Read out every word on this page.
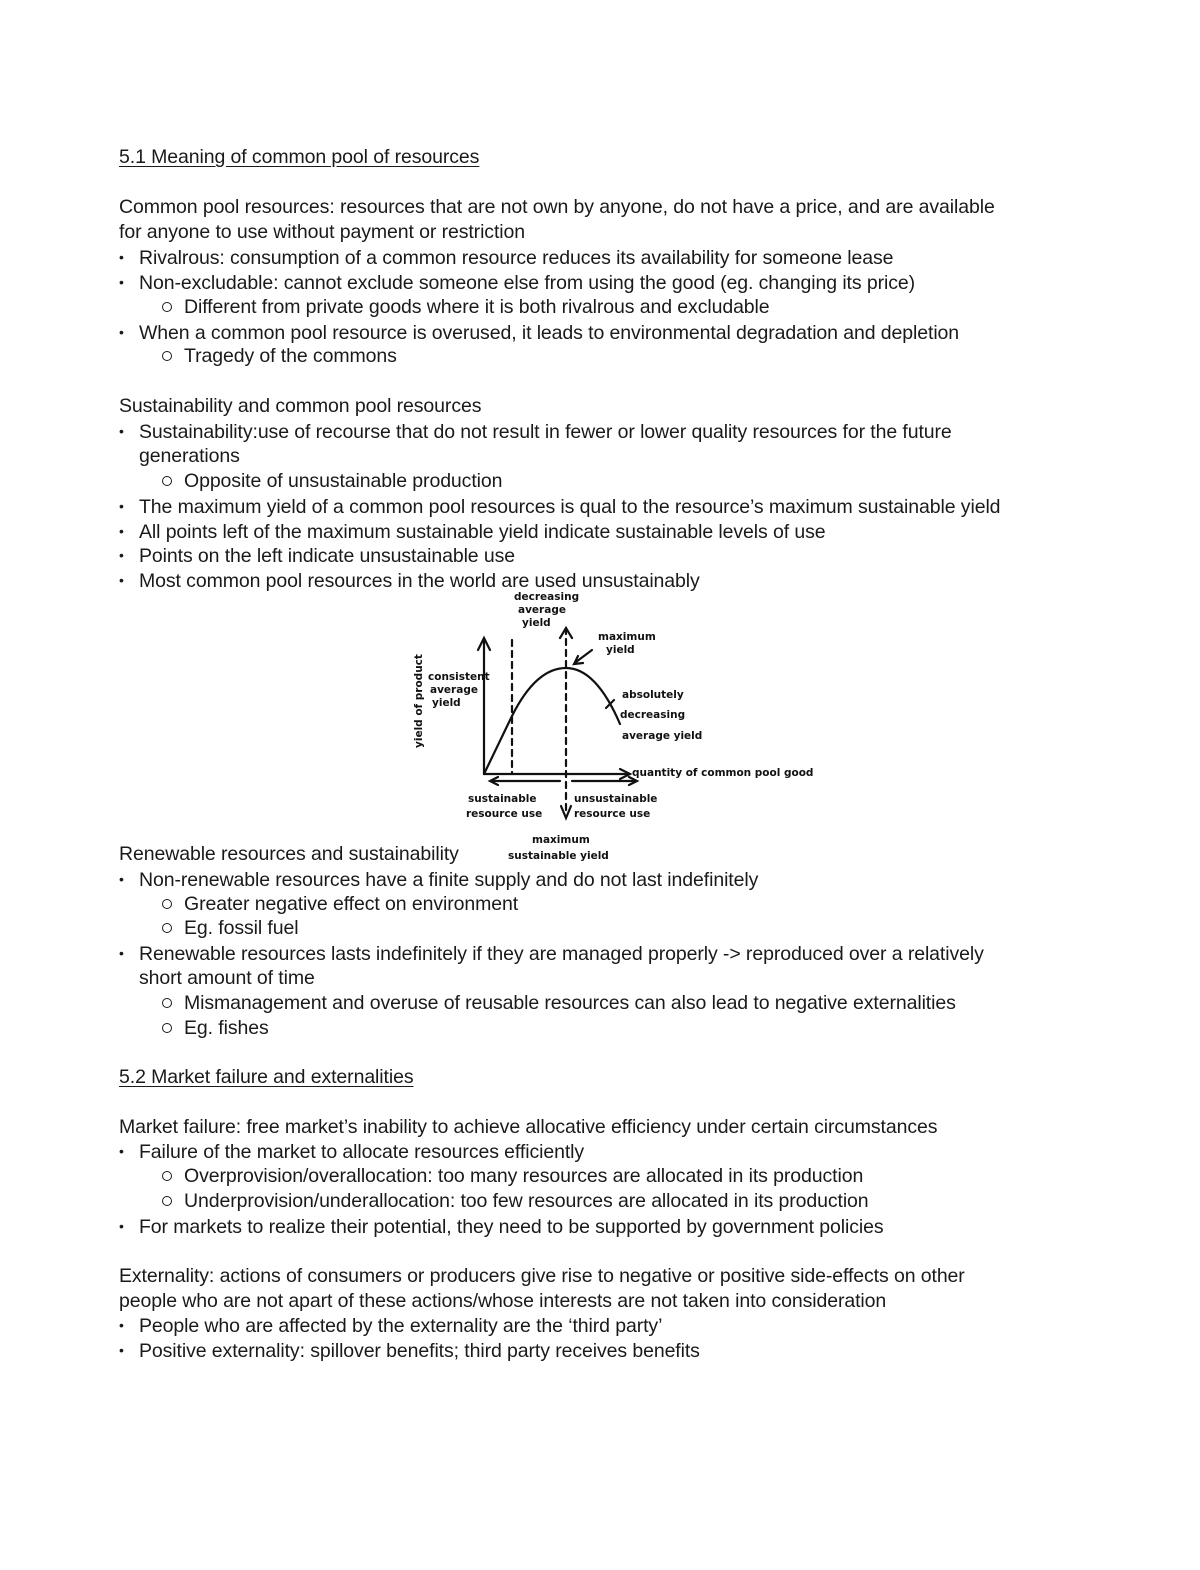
5.1 Meaning of common pool of resources
Common pool resources: resources that are not own by anyone, do not have a price, and are available
for anyone to use without payment or restriction
• Rivalrous: consumption of a common resource reduces its availability for someone lease
• Non-excludable: cannot exclude someone else from using the good (eg. changing its price)
Different from private goods where it is both rivalrous and excludable
• When a common pool resource is overused, it leads to environmental degradation and depletion
Tragedy of the commons
Sustainability and common pool resources
• Sustainability:use of recourse that do not result in fewer or lower quality resources for the future
generations
Opposite of unsustainable production
• The maximum yield of a common pool resources is qual to the resource’s maximum sustainable yield
• All points left of the maximum sustainable yield indicate sustainable levels of use
• Points on the left indicate unsustainable use
• Most common pool resources in the world are used unsustainably
yield of product
quantity of common pool good
decreasing
average
yield
maximum
yield
consistent
average
yield
absolutely
decreasing
average yield
sustainable
resource use
unsustainable
resource use
maximum
sustainable yield
Renewable resources and sustainability
• Non-renewable resources have a finite supply and do not last indefinitely
Greater negative effect on environment
Eg. fossil fuel
• Renewable resources lasts indefinitely if they are managed properly -> reproduced over a relatively
short amount of time
Mismanagement and overuse of reusable resources can also lead to negative externalities
Eg. fishes
5.2 Market failure and externalities
Market failure: free market’s inability to achieve allocative efficiency under certain circumstances
• Failure of the market to allocate resources efficiently
Overprovision/overallocation: too many resources are allocated in its production
Underprovision/underallocation: too few resources are allocated in its production
• For markets to realize their potential, they need to be supported by government policies
Externality: actions of consumers or producers give rise to negative or positive side-effects on other
people who are not apart of these actions/whose interests are not taken into consideration
• People who are affected by the externality are the ‘third party’
• Positive externality: spillover benefits; third party receives benefits
